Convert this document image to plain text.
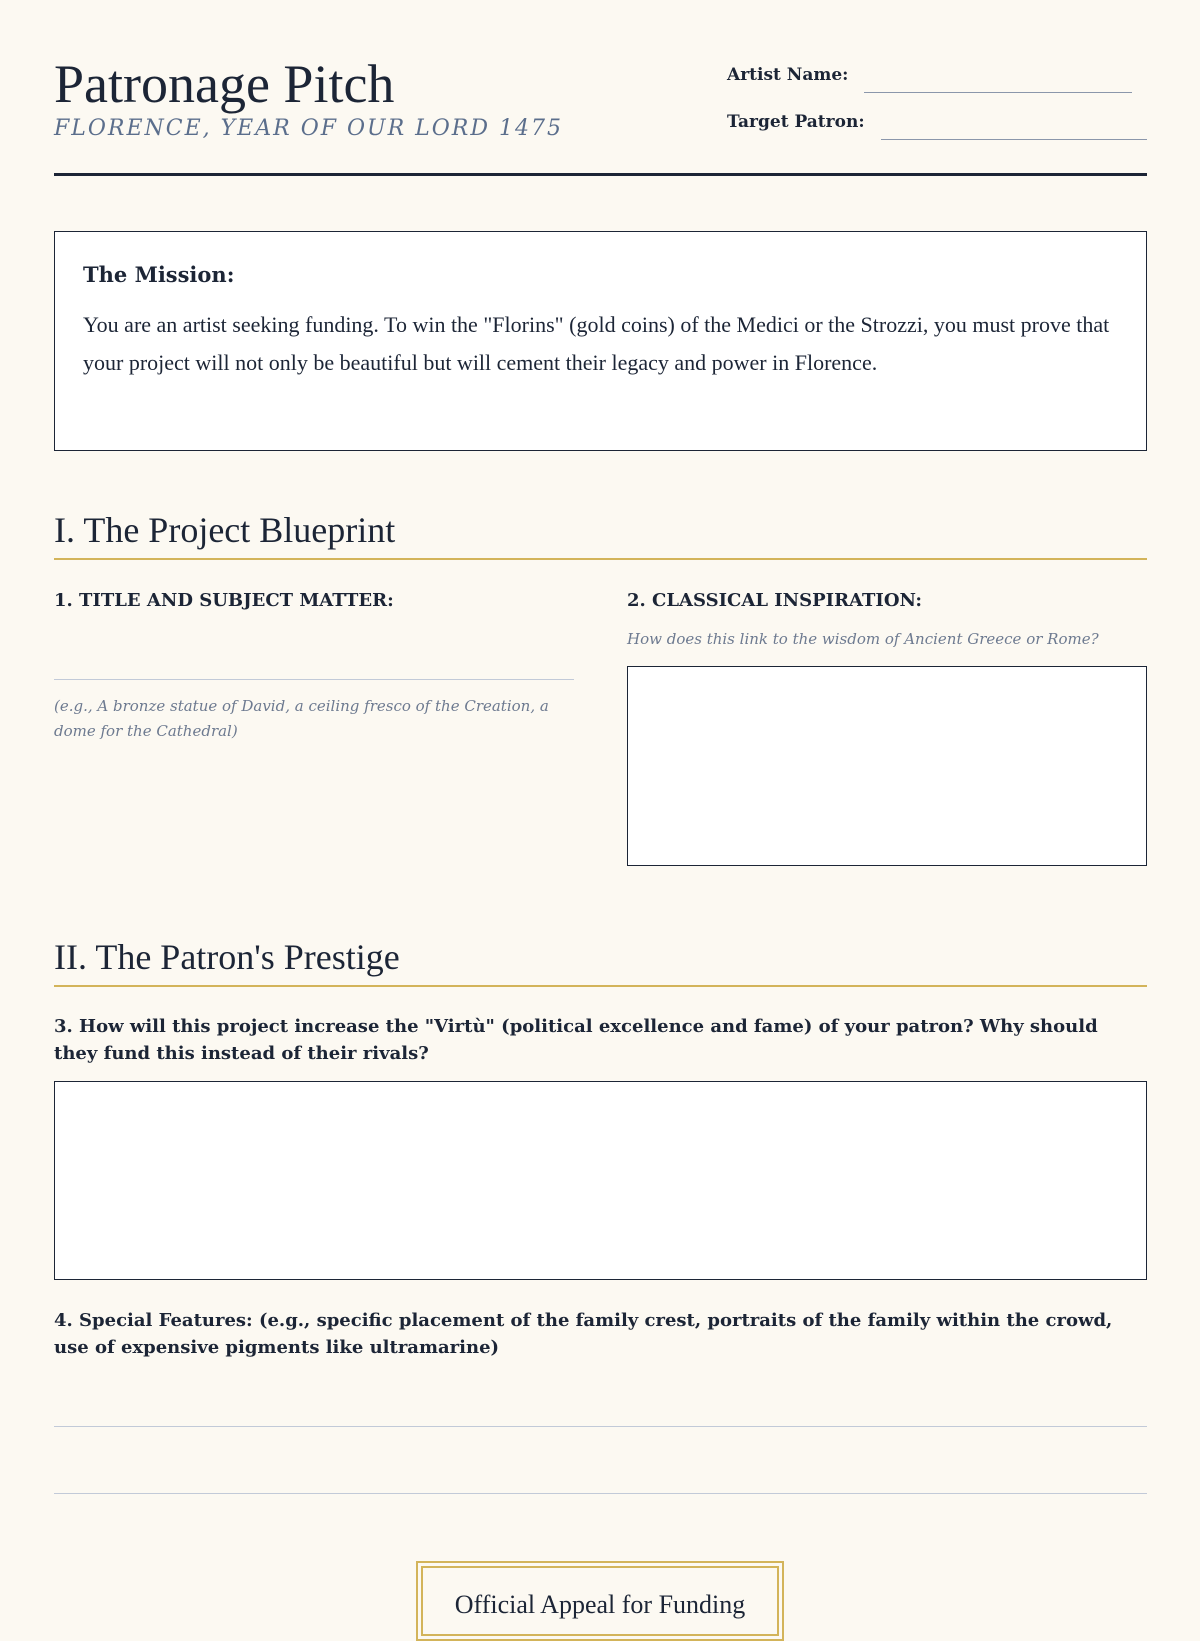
Patronage Pitch
FLORENCE, YEAR OF OUR LORD 1475
Artist Name:
Target Patron:

The Mission:

You are an artist seeking funding. To win the "Florins" (gold coins) of the Medici or the Strozzi, you must prove that your project will not only be beautiful but will cement their legacy and power in Florence.

I. The Project Blueprint
1. TITLE AND SUBJECT MATTER:
(e.g., A bronze statue of David, a ceiling fresco of the Creation, a dome for the Cathedral)
2. CLASSICAL INSPIRATION:
How does this link to the wisdom of Ancient Greece or Rome?
II. The Patron's Prestige
3. How will this project increase the "Virtù" (political excellence and fame) of your patron? Why should they fund this instead of their rivals?
4. Special Features: (e.g., specific placement of the family crest, portraits of the family within the crowd, use of expensive pigments like ultramarine)
Official Appeal for Funding
